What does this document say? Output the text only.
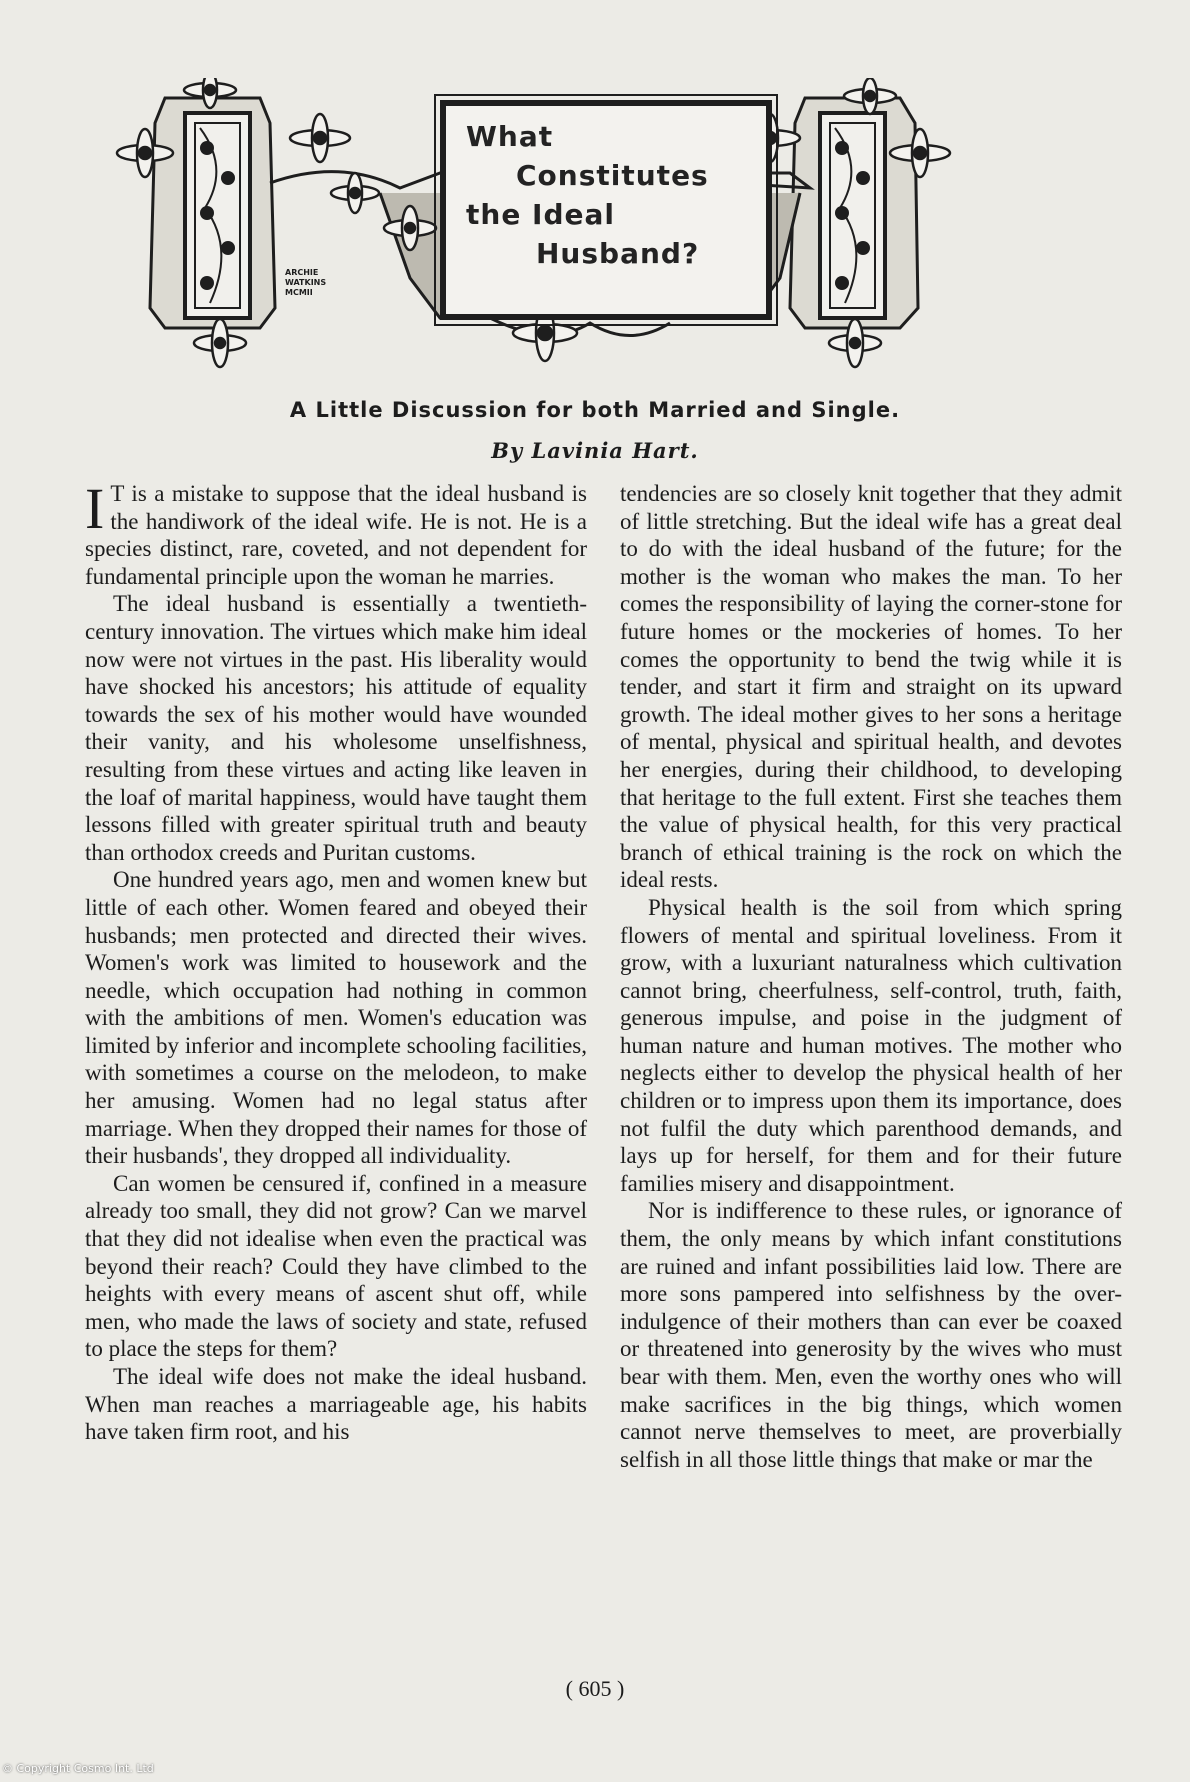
ARCHIE
WATKINS
MCMII
What
Constitutes
the Ideal
Husband?
A Little Discussion for both Married and Single.
By Lavinia Hart.

I T is a mistake to suppose that the ideal husband is the handiwork of the ideal wife. He is not. He is a species distinct, rare, coveted, and not dependent for fundamental principle upon the woman he marries.

The ideal husband is essentially a twentieth-century innovation. The virtues which make him ideal now were not virtues in the past. His liberality would have shocked his ancestors; his attitude of equality towards the sex of his mother would have wounded their vanity, and his wholesome unselfishness, resulting from these virtues and acting like leaven in the loaf of marital happiness, would have taught them lessons filled with greater spiritual truth and beauty than orthodox creeds and Puritan customs.

One hundred years ago, men and women knew but little of each other. Women feared and obeyed their husbands; men protected and directed their wives. Women's work was limited to housework and the needle, which occupation had nothing in common with the ambitions of men. Women's education was limited by inferior and incomplete schooling facilities, with sometimes a course on the melodeon, to make her amusing. Women had no legal status after marriage. When they dropped their names for those of their husbands', they dropped all individuality.

Can women be censured if, confined in a measure already too small, they did not grow? Can we marvel that they did not idealise when even the practical was beyond their reach? Could they have climbed to the heights with every means of ascent shut off, while men, who made the laws of society and state, refused to place the steps for them?

The ideal wife does not make the ideal husband. When man reaches a marriageable age, his habits have taken firm root, and his

tendencies are so closely knit together that they admit of little stretching. But the ideal wife has a great deal to do with the ideal husband of the future; for the mother is the woman who makes the man. To her comes the responsibility of laying the corner-stone for future homes or the mockeries of homes. To her comes the opportunity to bend the twig while it is tender, and start it firm and straight on its upward growth. The ideal mother gives to her sons a heritage of mental, physical and spiritual health, and devotes her energies, during their childhood, to developing that heritage to the full extent. First she teaches them the value of physical health, for this very practical branch of ethical training is the rock on which the ideal rests.

Physical health is the soil from which spring flowers of mental and spiritual loveliness. From it grow, with a luxuriant naturalness which cultivation cannot bring, cheerfulness, self-control, truth, faith, generous impulse, and poise in the judgment of human nature and human motives. The mother who neglects either to develop the physical health of her children or to impress upon them its importance, does not fulfil the duty which parenthood demands, and lays up for herself, for them and for their future families misery and disappointment.

Nor is indifference to these rules, or ignorance of them, the only means by which infant constitutions are ruined and infant possibilities laid low. There are more sons pampered into selfishness by the over-indulgence of their mothers than can ever be coaxed or threatened into generosity by the wives who must bear with them. Men, even the worthy ones who will make sacrifices in the big things, which women cannot nerve themselves to meet, are proverbially selfish in all those little things that make or mar the

( 605 )
© Copyright Cosmo Int. Ltd
